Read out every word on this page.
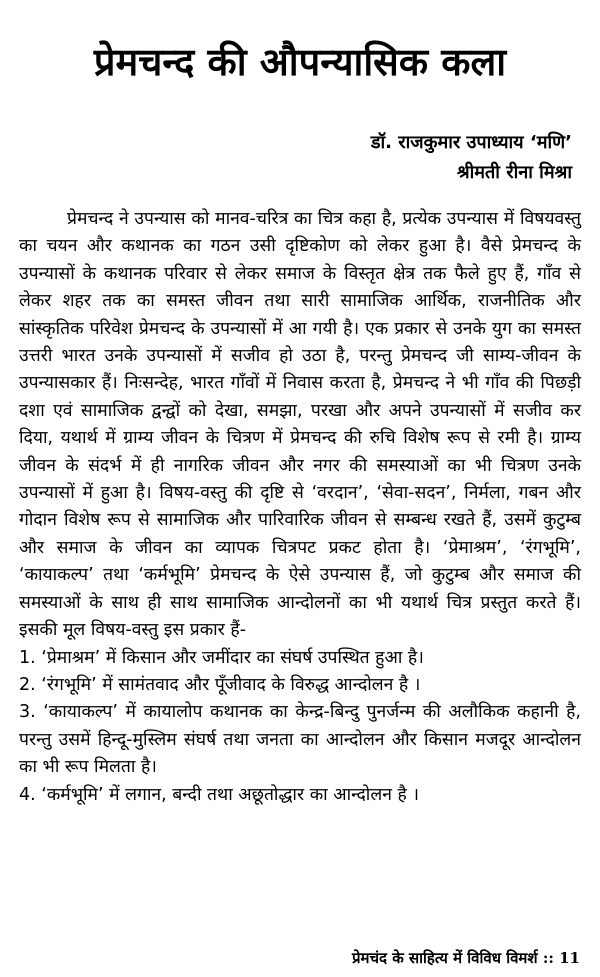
प्रेमचन्द की औपन्यासिक कला
डॉ. राजकुमार उपाध्याय ‘मणि’
श्रीमती रीना मिश्रा

प्रेमचन्द ने उपन्यास को मानव-चरित्र का चित्र कहा है, प्रत्येक उपन्यास में विषयवस्तु का चयन और कथानक का गठन उसी दृष्टिकोण को लेकर हुआ है। वैसे प्रेमचन्द के उपन्यासों के कथानक परिवार से लेकर समाज के विस्तृत क्षेत्र तक फैले हुए हैं, गाँव से लेकर शहर तक का समस्त जीवन तथा सारी सामाजिक आर्थिक, राजनीतिक और सांस्कृतिक परिवेश प्रेमचन्द के उपन्यासों में आ गयी है। एक प्रकार से उनके युग का समस्त उत्तरी भारत उनके उपन्यासों में सजीव हो उठा है, परन्तु प्रेमचन्द जी साम्य-जीवन के उपन्यासकार हैं। निःसन्देह, भारत गाँवों में निवास करता है, प्रेमचन्द ने भी गाँव की पिछड़ी दशा एवं सामाजिक द्वन्द्वों को देखा, समझा, परखा और अपने उपन्यासों में सजीव कर दिया, यथार्थ में ग्राम्य जीवन के चित्रण में प्रेमचन्द की रुचि विशेष रूप से रमी है। ग्राम्य जीवन के संदर्भ में ही नागरिक जीवन और नगर की समस्याओं का भी चित्रण उनके उपन्यासों में हुआ है। विषय-वस्तु की दृष्टि से ‘वरदान’, ‘सेवा-सदन’, निर्मला, गबन और गोदान विशेष रूप से सामाजिक और पारिवारिक जीवन से सम्बन्ध रखते हैं, उसमें कुटुम्ब और समाज के जीवन का व्यापक चित्रपट प्रकट होता है। ‘प्रेमाश्रम’, ‘रंगभूमि’, ‘कायाकल्प’ तथा ‘कर्मभूमि’ प्रेमचन्द के ऐसे उपन्यास हैं, जो कुटुम्ब और समाज की समस्याओं के साथ ही साथ सामाजिक आन्दोलनों का भी यथार्थ चित्र प्रस्तुत करते हैं। इसकी मूल विषय-वस्तु इस प्रकार हैं-

1. ‘प्रेमाश्रम’ में किसान और जमींदार का संघर्ष उपस्थित हुआ है।
2. ‘रंगभूमि’ में सामंतवाद और पूँजीवाद के विरुद्ध आन्दोलन है ।
3. ‘कायाकल्प’ में कायालोप कथानक का केन्द्र-बिन्दु पुनर्जन्म की अलौकिक कहानी है, परन्तु उसमें हिन्दू-मुस्लिम संघर्ष तथा जनता का आन्दोलन और किसान मजदूर आन्दोलन का भी रूप मिलता है।
4. ‘कर्मभूमि’ में लगान, बन्दी तथा अछूतोद्धार का आन्दोलन है ।
प्रेमचंद के साहित्य में विविध विमर्श :: 11
